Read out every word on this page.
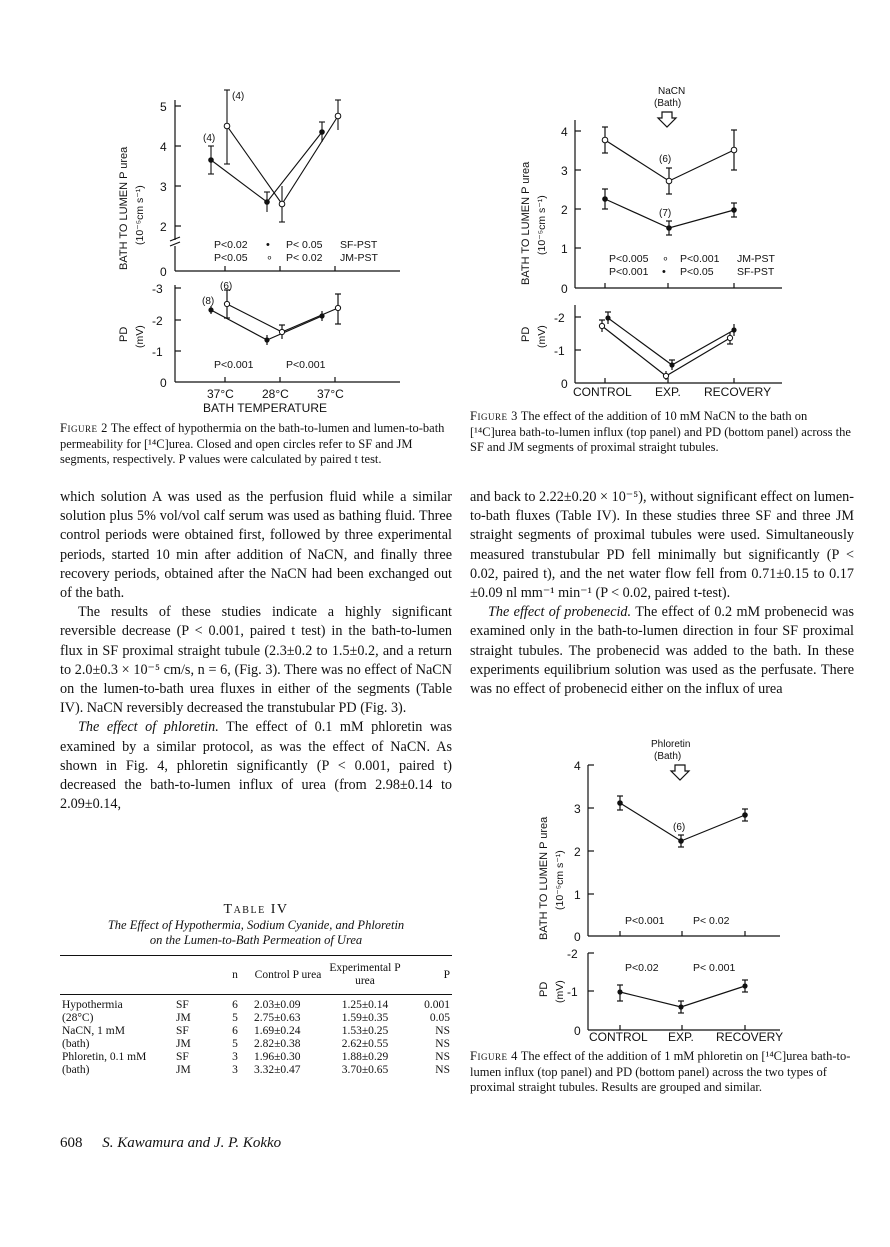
BATH TO LUMEN P urea (10⁻⁵cm s⁻¹)
PD (mV)
5
4
3
2
0
(4)
(4)
P<0.02 • P< 0.05 SF-PST
P<0.05 ∘ P< 0.02 JM-PST
-3
-2
-1
0
(6)
(8)
P<0.001	P<0.001
37°C 28°C 37°C
BATH TEMPERATURE
Figure 2 The effect of hypothermia on the bath-to-lumen and lumen-to-bath permeability for [¹⁴C]urea. Closed and open circles refer to SF and JM segments, respectively. P values were calculated by paired t test.
NaCN
(Bath)
BATH TO LUMEN P urea (10⁻⁵cm s⁻¹)
PD (mV)
4
3
2
1
0
(6)
(7)
P<0.005 ∘ P<0.001 JM-PST
P<0.001 • P<0.05 SF-PST
-2
-1
0
CONTROL EXP. RECOVERY
Figure 3 The effect of the addition of 10 mM NaCN to the bath on [¹⁴C]urea bath-to-lumen influx (top panel) and PD (bottom panel) across the SF and JM segments of proximal straight tubules.

which solution A was used as the perfusion fluid while a similar solution plus 5% vol/vol calf serum was used as bathing fluid. Three control periods were obtained first, followed by three experimental periods, started 10 min after addition of NaCN, and finally three recovery periods, obtained after the NaCN had been exchanged out of the bath.

The results of these studies indicate a highly significant reversible decrease (P < 0.001, paired t test) in the bath-to-lumen flux in SF proximal straight tubule (2.3±0.2 to 1.5±0.2, and a return to 2.0±0.3 × 10⁻⁵ cm/s, n = 6, (Fig. 3). There was no effect of NaCN on the lumen-to-bath urea fluxes in either of the segments (Table IV). NaCN reversibly decreased the transtubular PD (Fig. 3).

The effect of phloretin. The effect of 0.1 mM phloretin was examined by a similar protocol, as was the effect of NaCN. As shown in Fig. 4, phloretin significantly (P < 0.001, paired t) decreased the bath-to-lumen influx of urea (from 2.98±0.14 to 2.09±0.14,

Table IV
The Effect of Hypothermia, Sodium Cyanide, and Phloretin
on the Lumen-to-Bath Permeation of Urea
		n	Control P urea	Experimental P urea	P
Hypothermia	SF	6	2.03±0.09	1.25±0.14	0.001
(28°C)	JM	5	2.75±0.63	1.59±0.35	0.05
NaCN, 1 mM	SF	6	1.69±0.24	1.53±0.25	NS
(bath)	JM	5	2.82±0.38	2.62±0.55	NS
Phloretin, 0.1 mM	SF	3	1.96±0.30	1.88±0.29	NS
(bath)	JM	3	3.32±0.47	3.70±0.65	NS

and back to 2.22±0.20 × 10⁻⁵), without significant effect on lumen-to-bath fluxes (Table IV). In these studies three SF and three JM straight segments of proximal tubules were used. Simultaneously measured transtubular PD fell minimally but significantly (P < 0.02, paired t), and the net water flow fell from 0.71±0.15 to 0.17 ±0.09 nl mm⁻¹ min⁻¹ (P < 0.02, paired t-test).

The effect of probenecid. The effect of 0.2 mM probenecid was examined only in the bath-to-lumen direction in four SF proximal straight tubules. The probenecid was added to the bath. In these experiments equilibrium solution was used as the perfusate. There was no effect of probenecid either on the influx of urea

Phloretin
(Bath)
BATH TO LUMEN P urea (10⁻⁵cm s⁻¹)
PD (mV)
4
3
2
1
0
(6)
P<0.001	P< 0.02
-2
-1
0
P<0.02	P< 0.001
CONTROL EXP. RECOVERY
Figure 4 The effect of the addition of 1 mM phloretin on [¹⁴C]urea bath-to-lumen influx (top panel) and PD (bottom panel) across the two types of proximal straight tubules. Results are grouped and similar.
608 S. Kawamura and J. P. Kokko
